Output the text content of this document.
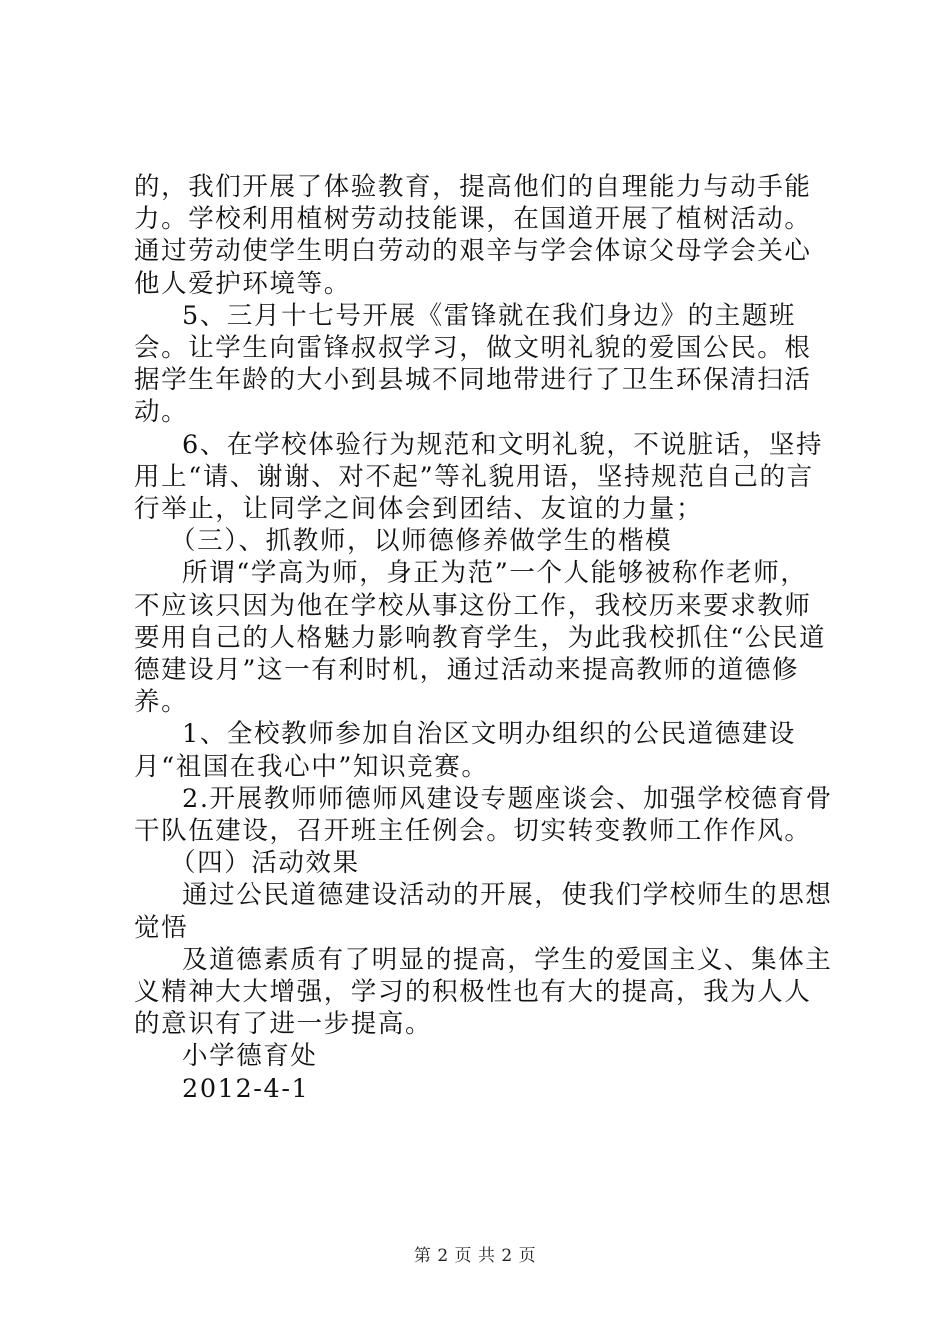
的，我们开展了体验教育，提高他们的自理能力与动手能力。学校利用植树劳动技能课，在国道开展了植树活动。通过劳动使学生明白劳动的艰辛与学会体谅父母学会关心他人爱护环境等。

5、三月十七号开展《雷锋就在我们身边》的主题班会。让学生向雷锋叔叔学习，做文明礼貌的爱国公民。根据学生年龄的大小到县城不同地带进行了卫生环保清扫活动。

6、在学校体验行为规范和文明礼貌，不说脏话，坚持用上“请、谢谢、对不起”等礼貌用语，坚持规范自己的言行举止，让同学之间体会到团结、友谊的力量；

（三）、抓教师，以师德修养做学生的楷模

所谓“学高为师，身正为范”一个人能够被称作老师，不应该只因为他在学校从事这份工作，我校历来要求教师要用自己的人格魅力影响教育学生，为此我校抓住“公民道德建设月”这一有利时机，通过活动来提高教师的道德修养。

1、全校教师参加自治区文明办组织的公民道德建设月“祖国在我心中”知识竞赛。

2.开展教师师德师风建设专题座谈会、加强学校德育骨干队伍建设，召开班主任例会。切实转变教师工作作风。

（四）活动效果

通过公民道德建设活动的开展，使我们学校师生的思想觉悟

及道德素质有了明显的提高，学生的爱国主义、集体主义精神大大增强，学习的积极性也有大的提高，我为人人的意识有了进一步提高。

小学德育处

2012-4-1

第 2 页 共 2 页
